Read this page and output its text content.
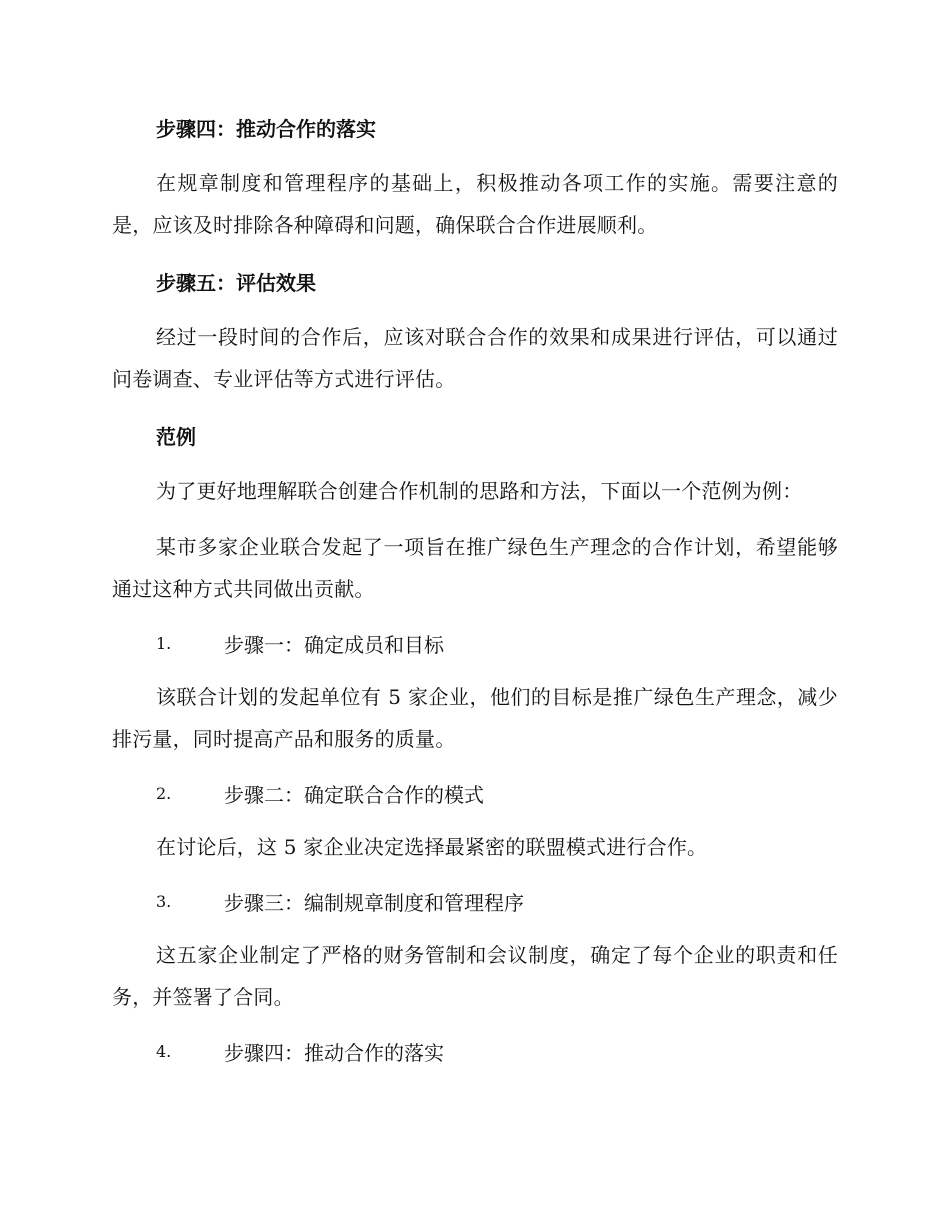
步骤四：推动合作的落实

在规章制度和管理程序的基础上，积极推动各项工作的实施。需要注意的是，应该及时排除各种障碍和问题，确保联合合作进展顺利。

步骤五：评估效果

经过一段时间的合作后，应该对联合合作的效果和成果进行评估，可以通过问卷调查、专业评估等方式进行评估。

范例

为了更好地理解联合创建合作机制的思路和方法，下面以一个范例为例：

某市多家企业联合发起了一项旨在推广绿色生产理念的合作计划，希望能够通过这种方式共同做出贡献。

1.	步骤一：确定成员和目标

该联合计划的发起单位有 5 家企业，他们的目标是推广绿色生产理念，减少排污量，同时提高产品和服务的质量。

2.	步骤二：确定联合合作的模式

在讨论后，这 5 家企业决定选择最紧密的联盟模式进行合作。

3.	步骤三：编制规章制度和管理程序

这五家企业制定了严格的财务管制和会议制度，确定了每个企业的职责和任务，并签署了合同。

4.	步骤四：推动合作的落实
